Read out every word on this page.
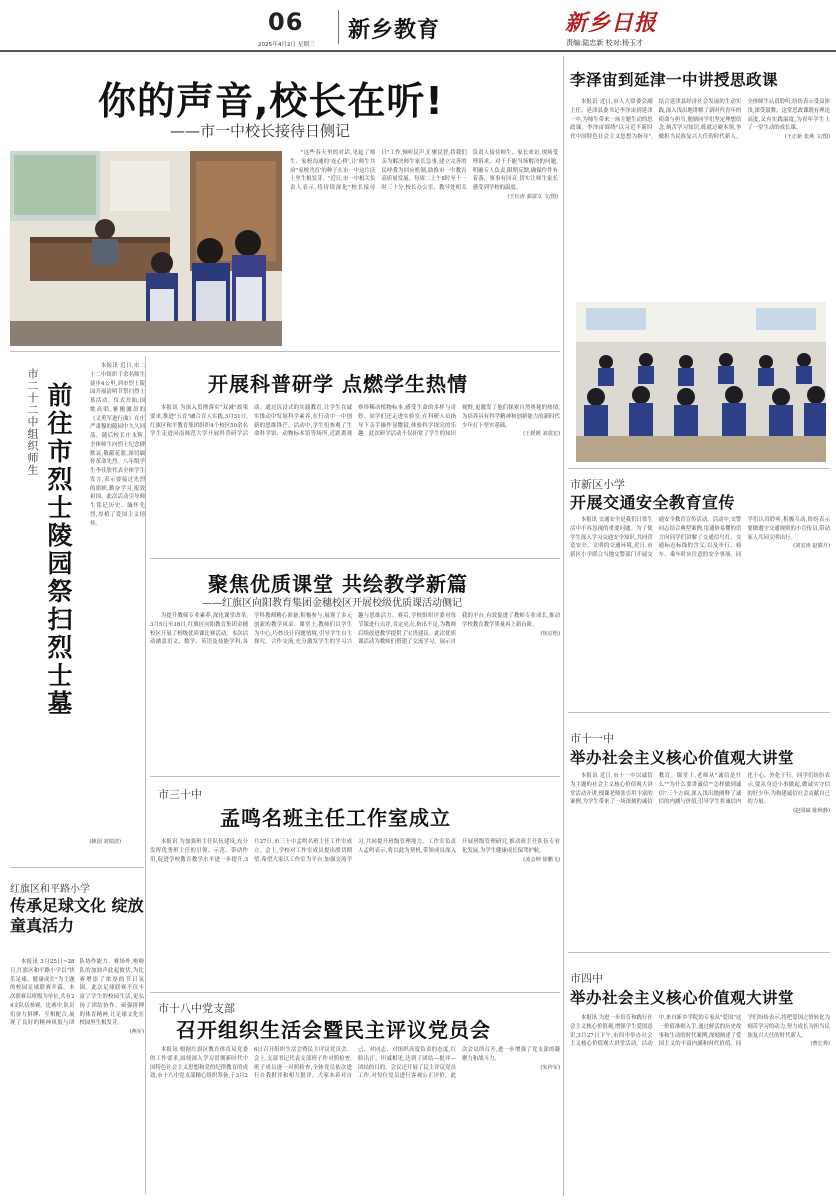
06
2025年4月2日 星期三
新乡教育	新乡日报
责编:陆忠新 校对:杨玉才
你的声音,校长在听!
——市一中校长接待日侧记

"这些春天里的对话,见起了师生、家校沟通的'连心桥',让'师生共治''家校共育'的种子在市一中这片沃土里生根发芽。"近日,市一中相关负责人表示,将持续深化"校长接待日"工作,倾听民声,汇聚民智,将我们亲为解决师生家长急事,建立完善的民呼我为回应机制,助推市一中教育高质量发展。每周二上午8时至十一时三十分,校长办公室、教导处相关负责人接待师生、家长来访,现场受理诉求。对于不能当场解决的问题,明确专人负责,限期反馈,确保件件有着落、事事有回音,切实让师生家长感受到学校的温度。

(王红涛 郭富文 文/图)
市二十二中组织师生 前往市烈士陵园祭扫烈士墓

本报讯 近日,市二十二中组织千余名师生徒步4公里,到市烈士陵园开展清明节祭扫烈士墓活动。仪式开始,国歌高唱,雅搬激昂的《义勇军进行曲》在庄严肃穆的陵园中久久回荡。随后校长庄永辉,全体师生向烈士纪念碑默哀,敬献花篮,深切缅怀革命先烈。八年级学生李佳欣代表全体学生发言,表示要接过先烈的旗帜,勤奋学习,报效祖国。此次活动引导师生铭记历史、缅怀先烈,厚植了爱国主义情怀。

(姚园 刘瑞清)
红旗区和平路小学
传承足球文化 绽放童真活力

本报讯 3月25日~28日,红旗区和平路小学以"快乐足球、健康成长"为主题的校园足球联赛开幕。本次联赛以班级为单位,共有24支队伍参赛。比赛中,队员们奋力拼搏、互相配合,展现了良好的精神风貌与团队协作能力。赛场外,啦啦队的加油声此起彼伏,为比赛增添了浓厚的节日氛围。此次足球联赛不仅丰富了学生的校园生活,更弘扬了团结协作、顽强拼搏的体育精神,让足球文化在校园里生根发芽。

(燕军)
开展科普研学 点燃学生热情

本报讯 为深入贯彻落实"双减"政策要求,推进"五育"融合育人实践,3月31日,红旗区和平教育集团组织4个校区50余名学生走进河南师范大学开展科普研学活动。通过沉浸式的实践教育,让学生在诚实推动中发展科学素养,在行动中一中创新的思维锋芒。活动中,学生们参观了生命科学馆、动物标本馆等场所,近距离观察珍稀动植物标本,感受生命的多样与奇妙。同学们还走进实验室,在科研人员指导下亲手操作显微镜,体验科学探究的乐趣。此次研学活动不仅拓宽了学生的知识视野,更激发了他们探索自然奥秘的热情,为培养具有科学精神和创新能力的新时代少年打下坚实基础。

(王媛媛 刘震宏)
聚焦优质课堂 共绘教学新篇
——红旗区向阳教育集团金穗校区开展校级优质课活动侧记

为提升教师专业素养,深化课堂改革,3月5日至18日,红旗区向阳教育集团金穗校区开展了校级优质课比赛活动。本次活动涵盖语文、数学、英语及技能学科,各学科教师精心准备,积极参与,展现了多元创新的教学风采。课堂上,教师们以学生为中心,巧妙设计问题情境,引导学生自主探究、合作交流,充分激发学生的学习兴趣与思维活力。赛后,学校组织评委对每节课进行点评,肯定亮点,指出不足,为教师后续改进教学提供了宝贵建议。此次优质课活动为教师们搭建了交流学习、展示自我的平台,有效促进了教师专业成长,推动学校教育教学质量再上新台阶。

(焦启梧)
市三十中
孟鸣名班主任工作室成立

本报讯 为加强班主任队伍建设,充分发挥优秀班主任的引领、示范、带动作用,促进学校教育教学水平进一步提升,3月27日,市三十中孟鸣名班主任工作室成立。会上,学校对工作室成员提出殷切期望,希望大家以工作室为平台,加强交流学习,共同提升班级管理能力。工作室负责人孟鸣表示,将以此为契机,带领成员深入开展班级管理研究,推动班主任队伍专业化发展,为学生健康成长保驾护航。

(凌会坤 徐鹏飞)
市十八中党支部
召开组织生活会暨民主评议党员会

本报讯 根据红旗区教育体育局党委的工作要求,围绕深入学习贯彻新时代中国特色社会主义思想和党的纪律教育的成效,市十八中党支部精心组织筹备,于3月26日召开组织生活会暨民主评议党员会。会上,支部书记代表支部班子作对照检查,班子成员逐一对照检查,全体党员依次进行自我批评和相互批评。大家本着对自己、对同志、对组织高度负责的态度,红脸出汗、坦诚相见,达到了团结—批评—团结的目的。会议还开展了民主评议党员工作,对每位党员进行客观公正评价。此次会议的召开,进一步增强了党支部的凝聚力和战斗力。

(朱伶军)
李泽宙到延津一中讲授思政课

本报讯 近日,市人大常委会副主任、延津县委书记李泽宙到延津一中,为师生带来一场主题生动的思政课。李泽宙围绕"以习近平新时代中国特色社会主义思想为指导",结合延津县经济社会发展的生动实践,深入浅出地讲解了新时代青年的使命与担当,勉励同学们坚定理想信念,刻苦学习知识,练就过硬本领,争做担当民族复兴大任的时代新人。全体师生认真聆听,纷纷表示受益匪浅,深受鼓舞。这堂思政课既有理论高度,又有实践温度,为青年学生上了一堂生动的成长课。

(王正新 张燕 文/图)
市新区小学
开展交通安全教育宣传

本报讯 交通安全是我们日常生活中不容忽视的重要问题。为了使学生深入学习交通安全知识,共同营造安全、文明的交通环境,近日,市新区小学联合当地交警部门开展交通安全教育宣传活动。活动中,交警同志结合典型案例,用通俗易懂的语言向同学们讲解了交通信号灯、交通标志标线的含义,以及步行、骑车、乘车时应注意的安全事项。同学们认真聆听,积极互动,纷纷表示要做遵守交通规则的小宣传员,带动家人共同文明出行。

(刘宏涛 赵擢月)
市十一中
举办社会主义核心价值观大讲堂

本报讯 近日,市十一中以诚信为主题的社会主义核心价值观大讲堂活动开讲,授课老师张引用丰富的案例,为学生带来了一场深刻的诚信教育。课堂上,老师从"诚信是什么""为什么要讲诚信""怎样做到诚信"三个方面,深入浅出地阐释了诚信的内涵与价值,引导学生将诚信内化于心、外化于行。同学们纷纷表示,要从身边小事做起,做诚实守信的好少年,为构建诚信社会贡献自己的力量。

(赵国斌 陈秋静)
市四中
举办社会主义核心价值观大讲堂

本报讯 为进一步培育和践行社会主义核心价值观,增强学生爱国意识,3月27日下午,市四中举办社会主义核心价值观大讲堂活动。活动中,来自新乡学院的专家从"爱国"这一价值准则入手,通过鲜活的历史故事和生动的时代案例,深刻阐述了爱国主义的丰富内涵和时代价值。同学们纷纷表示,将把爱国之情转化为刻苦学习的动力,努力成长为担当民族复兴大任的时代新人。

(曹长秀)
